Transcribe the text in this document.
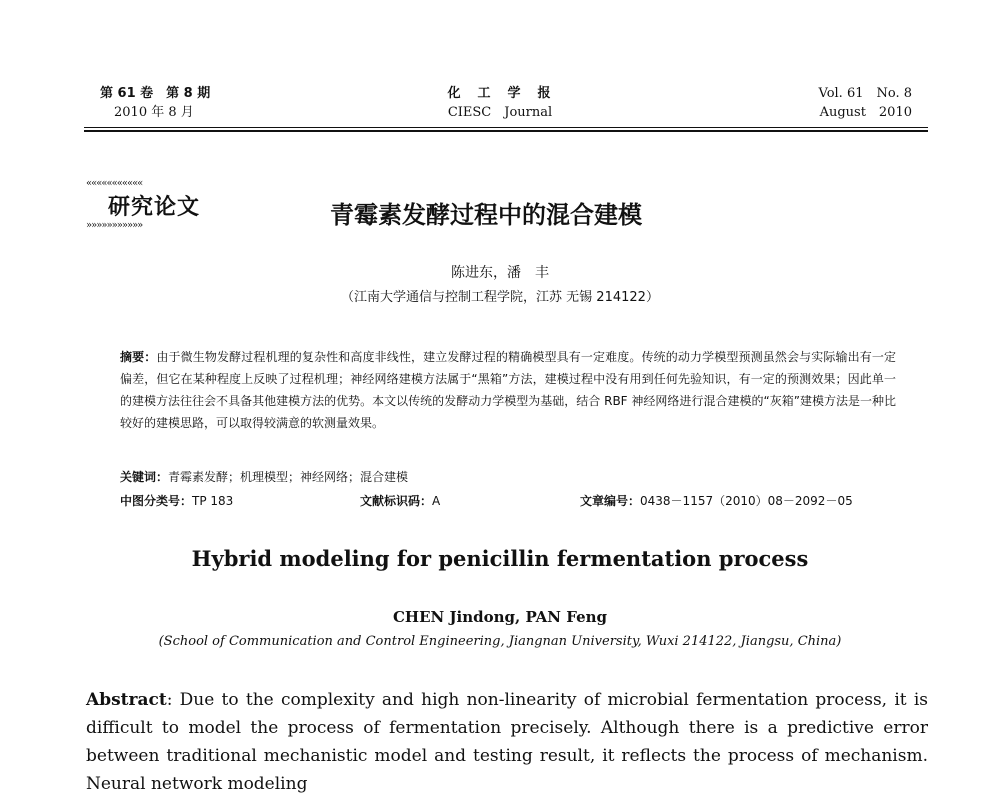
第 61 卷　第 8 期
2010 年 8 月
化　工　学　报
CIESC　Journal
Vol. 61　No. 8
August　2010
«««««««««««
研究论文
»»»»»»»»»»»	青霉素发酵过程中的混合建模
陈进东，潘　丰
（江南大学通信与控制工程学院，江苏 无锡 214122）
摘要：由于微生物发酵过程机理的复杂性和高度非线性，建立发酵过程的精确模型具有一定难度。传统的动力学模型预测虽然会与实际输出有一定偏差，但它在某种程度上反映了过程机理；神经网络建模方法属于“黑箱”方法，建模过程中没有用到任何先验知识，有一定的预测效果；因此单一的建模方法往往会不具备其他建模方法的优势。本文以传统的发酵动力学模型为基础，结合 RBF 神经网络进行混合建模的“灰箱”建模方法是一种比较好的建模思路，可以取得较满意的软测量效果。
关键词：青霉素发酵；机理模型；神经网络；混合建模
中图分类号：TP 183	文献标识码：A	文章编号：0438－1157（2010）08－2092－05
Hybrid modeling for penicillin fermentation process
CHEN Jindong, PAN Feng
(School of Communication and Control Engineering, Jiangnan University, Wuxi 214122, Jiangsu, China)
Abstract: Due to the complexity and high non-linearity of microbial fermentation process, it is difficult to model the process of fermentation precisely. Although there is a predictive error between traditional mechanistic model and testing result, it reflects the process of mechanism. Neural network modeling
